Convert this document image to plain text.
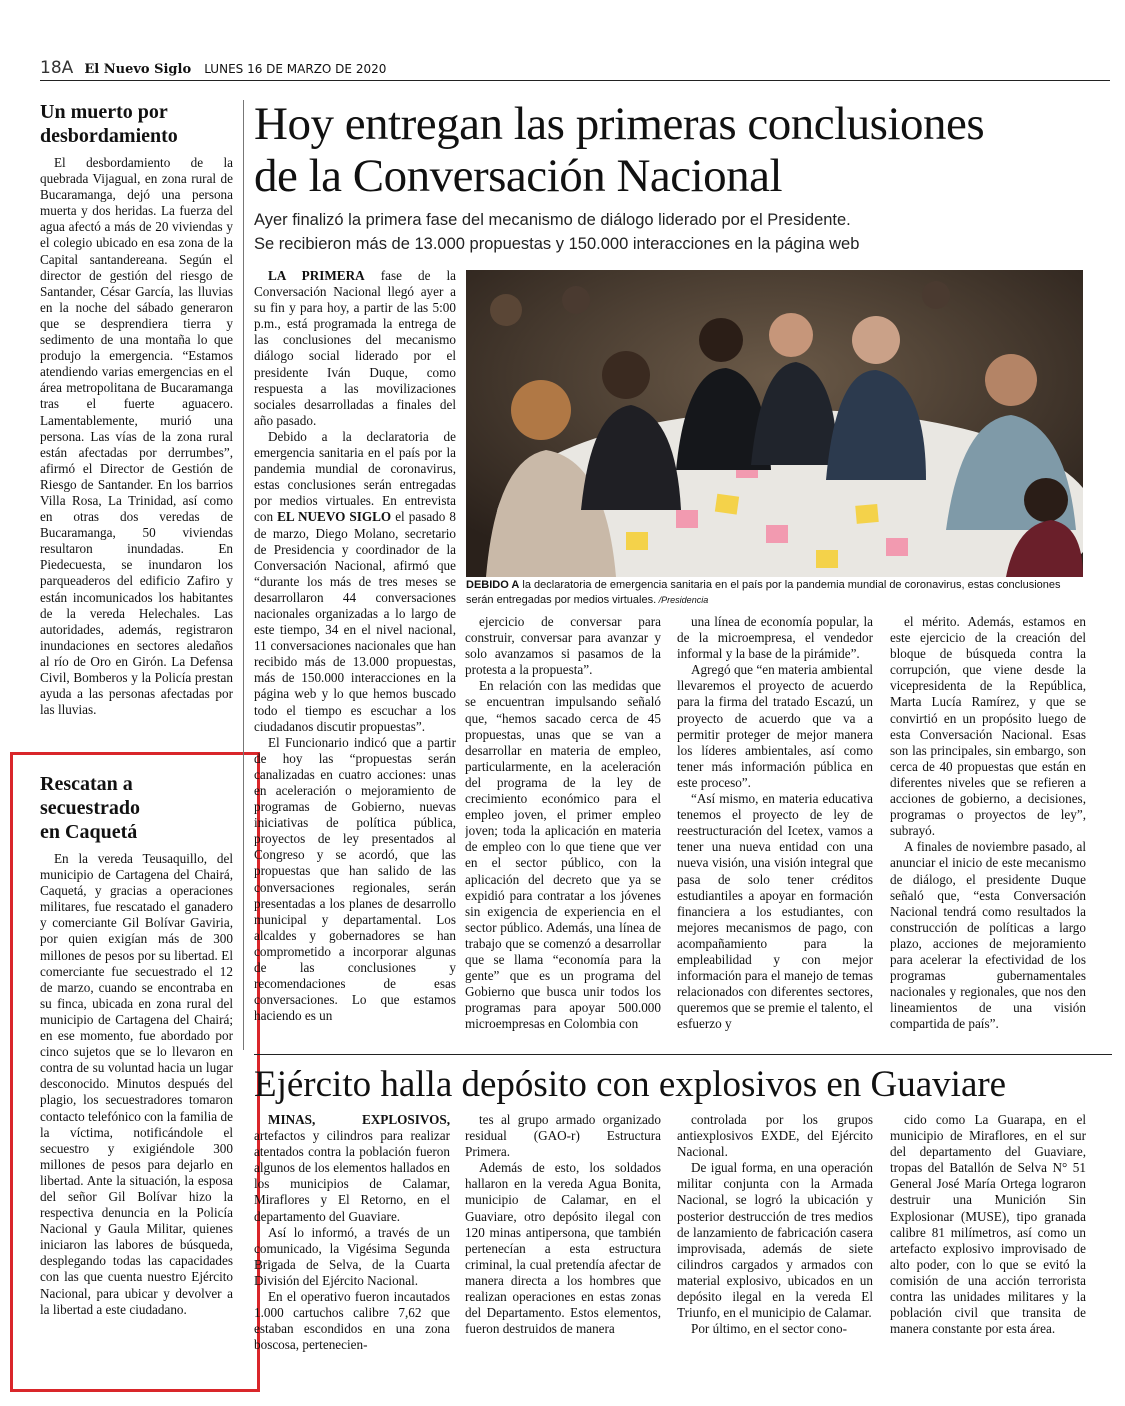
18A El Nuevo Siglo LUNES 16 DE MARZO DE 2020
Un muerto por
desbordamiento

El desbordamiento de la quebrada Vijagual, en zona rural de Bucaramanga, dejó una persona muerta y dos heridas. La fuerza del agua afectó a más de 20 viviendas y el colegio ubicado en esa zona de la Capital santandereana. Según el director de gestión del riesgo de Santander, César García, las lluvias en la noche del sábado generaron que se desprendiera tierra y sedimento de una montaña lo que produjo la emergencia. “Estamos atendiendo varias emergencias en el área metropolitana de Bucaramanga tras el fuerte aguacero. Lamentablemente, murió una persona. Las vías de la zona rural están afectadas por derrumbes”, afirmó el Director de Gestión de Riesgo de Santander. En los barrios Villa Rosa, La Trinidad, así como en otras dos veredas de Bucaramanga, 50 viviendas resultaron inundadas. En Piedecuesta, se inundaron los parqueaderos del edificio Zafiro y están incomunicados los habitantes de la vereda Helechales. Las autoridades, además, registraron inundaciones en sectores aledaños al río de Oro en Girón. La Defensa Civil, Bomberos y la Policía prestan ayuda a las personas afectadas por las lluvias.

Rescatan a secuestrado
en Caquetá

En la vereda Teusaquillo, del municipio de Cartagena del Chairá, Caquetá, y gracias a operaciones militares, fue rescatado el ganadero y comerciante Gil Bolívar Gaviria, por quien exigían más de 300 millones de pesos por su libertad. El comerciante fue secuestrado el 12 de marzo, cuando se encontraba en su finca, ubicada en zona rural del municipio de Cartagena del Chairá; en ese momento, fue abordado por cinco sujetos que se lo llevaron en contra de su voluntad hacia un lugar desconocido. Minutos después del plagio, los secuestradores tomaron contacto telefónico con la familia de la víctima, notificándole el secuestro y exigiéndole 300 millones de pesos para dejarlo en libertad. Ante la situación, la esposa del señor Gil Bolívar hizo la respectiva denuncia en la Policía Nacional y Gaula Militar, quienes iniciaron las labores de búsqueda, desplegando todas las capacidades con las que cuenta nuestro Ejército Nacional, para ubicar y devolver a la libertad a este ciudadano.

Hoy entregan las primeras conclusiones
de la Conversación Nacional
Ayer finalizó la primera fase del mecanismo de diálogo liderado por el Presidente.
Se recibieron más de 13.000 propuestas y 150.000 interacciones en la página web
DEBIDO A la declaratoria de emergencia sanitaria en el país por la pandemia mundial de coronavirus, estas conclusiones serán entregadas por medios virtuales. /Presidencia

LA PRIMERA fase de la Conversación Nacional llegó ayer a su fin y para hoy, a partir de las 5:00 p.m., está programada la entrega de las conclusiones del mecanismo diálogo social liderado por el presidente Iván Duque, como respuesta a las movilizaciones sociales desarrolladas a finales del año pasado.

Debido a la declaratoria de emergencia sanitaria en el país por la pandemia mundial de coronavirus, estas conclusiones serán entregadas por medios virtuales. En entrevista con EL NUEVO SIGLO el pasado 8 de marzo, Diego Molano, secretario de Presidencia y coordinador de la Conversación Nacional, afirmó que “durante los más de tres meses se desarrollaron 44 conversaciones nacionales organizadas a lo largo de este tiempo, 34 en el nivel nacional, 11 conversaciones nacionales que han recibido más de 13.000 propuestas, más de 150.000 interacciones en la página web y lo que hemos buscado todo el tiempo es escuchar a los ciudadanos discutir propuestas”.

El Funcionario indicó que a partir de hoy las “propuestas serán canalizadas en cuatro acciones: unas en aceleración o mejoramiento de programas de Gobierno, nuevas iniciativas de política pública, proyectos de ley presentados al Congreso y se acordó, que las propuestas que han salido de las conversaciones regionales, serán presentadas a los planes de desarrollo municipal y departamental. Los alcaldes y gobernadores se han comprometido a incorporar algunas de las conclusiones y recomendaciones de esas conversaciones. Lo que estamos haciendo es un

ejercicio de conversar para construir, conversar para avanzar y solo avanzamos si pasamos de la protesta a la propuesta”.

En relación con las medidas que se encuentran impulsando señaló que, “hemos sacado cerca de 45 propuestas, unas que se van a desarrollar en materia de empleo, particularmente, en la aceleración del programa de la ley de crecimiento económico para el empleo joven, el primer empleo joven; toda la aplicación en materia de empleo con lo que tiene que ver en el sector público, con la aplicación del decreto que ya se expidió para contratar a los jóvenes sin exigencia de experiencia en el sector público. Además, una línea de trabajo que se comenzó a desarrollar que se llama “economía para la gente” que es un programa del Gobierno que busca unir todos los programas para apoyar 500.000 microempresas en Colombia con

una línea de economía popular, la de la microempresa, el vendedor informal y la base de la pirámide”.

Agregó que “en materia ambiental llevaremos el proyecto de acuerdo para la firma del tratado Escazú, un proyecto de acuerdo que va a permitir proteger de mejor manera los líderes ambientales, así como tener más información pública en este proceso”.

“Así mismo, en materia educativa tenemos el proyecto de ley de reestructuración del Icetex, vamos a tener una nueva entidad con una nueva visión, una visión integral que pasa de solo tener créditos estudiantiles a apoyar en formación financiera a los estudiantes, con mejores mecanismos de pago, con acompañamiento para la empleabilidad y con mejor información para el manejo de temas relacionados con diferentes sectores, queremos que se premie el talento, el esfuerzo y

el mérito. Además, estamos en este ejercicio de la creación del bloque de búsqueda contra la corrupción, que viene desde la vicepresidenta de la República, Marta Lucía Ramírez, y que se convirtió en un propósito luego de esta Conversación Nacional. Esas son las principales, sin embargo, son cerca de 40 propuestas que están en diferentes niveles que se refieren a acciones de gobierno, a decisiones, programas o proyectos de ley”, subrayó.

A finales de noviembre pasado, al anunciar el inicio de este mecanismo de diálogo, el presidente Duque señaló que, “esta Conversación Nacional tendrá como resultados la construcción de políticas a largo plazo, acciones de mejoramiento para acelerar la efectividad de los programas gubernamentales nacionales y regionales, que nos den lineamientos de una visión compartida de país”.

Ejército halla depósito con explosivos en Guaviare

MINAS, EXPLOSIVOS, artefactos y cilindros para realizar atentados contra la población fueron algunos de los elementos hallados en los municipios de Calamar, Miraflores y El Retorno, en el departamento del Guaviare.

Así lo informó, a través de un comunicado, la Vigésima Segunda Brigada de Selva, de la Cuarta División del Ejército Nacional.

En el operativo fueron incautados 1.000 cartuchos calibre 7,62 que estaban escondidos en una zona boscosa, pertenecien-

tes al grupo armado organizado residual (GAO-r) Estructura Primera.

Además de esto, los soldados hallaron en la vereda Agua Bonita, municipio de Calamar, en el Guaviare, otro depósito ilegal con 120 minas antipersona, que también pertenecían a esta estructura criminal, la cual pretendía afectar de manera directa a los hombres que realizan operaciones en estas zonas del Departamento. Estos elementos, fueron destruidos de manera

controlada por los grupos antiexplosivos EXDE, del Ejército Nacional.

De igual forma, en una operación militar conjunta con la Armada Nacional, se logró la ubicación y posterior destrucción de tres medios de lanzamiento de fabricación casera improvisada, además de siete cilindros cargados y armados con material explosivo, ubicados en un depósito ilegal en la vereda El Triunfo, en el municipio de Calamar.

Por último, en el sector cono-

cido como La Guarapa, en el municipio de Miraflores, en el sur del departamento del Guaviare, tropas del Batallón de Selva N° 51 General José María Ortega lograron destruir una Munición Sin Explosionar (MUSE), tipo granada calibre 81 milímetros, así como un artefacto explosivo improvisado de alto poder, con lo que se evitó la comisión de una acción terrorista contra las unidades militares y la población civil que transita de manera constante por esta área.
